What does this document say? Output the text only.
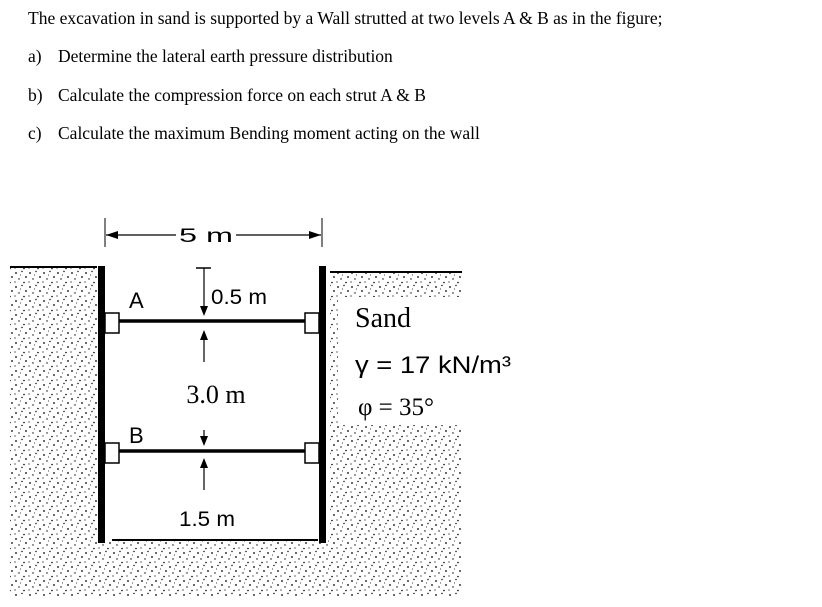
The excavation in sand is supported by a Wall strutted at two levels A & B as in the figure;
a) Determine the lateral earth pressure distribution
b) Calculate the compression force on each strut A & B
c) Calculate the maximum Bending moment acting on the wall
5 m
0.5 m
3.0 m
1.5 m
A
B
Sand
γ = 17 kN/m³
φ = 35°
